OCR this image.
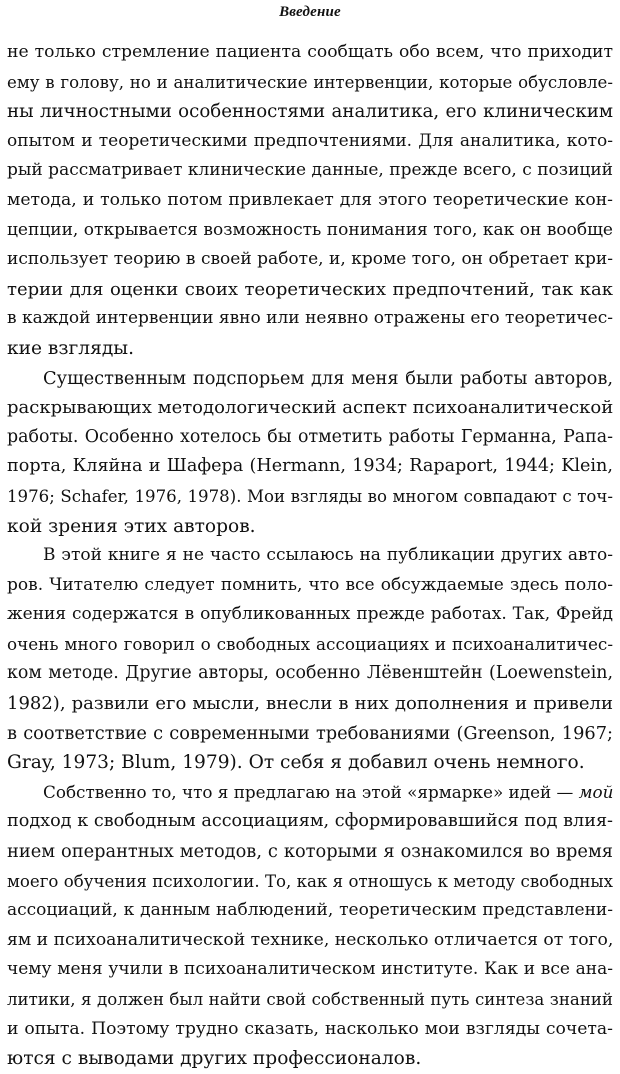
Введение
не только стремление пациента сообщать обо всем, что приходит
ему в голову, но и аналитические интервенции, которые обусловле-
ны личностными особенностями аналитика, его клиническим
опытом и теоретическими предпочтениями. Для аналитика, кото-
рый рассматривает клинические данные, прежде всего, с позиций
метода, и только потом привлекает для этого теоретические кон-
цепции, открывается возможность понимания того, как он вообще
использует теорию в своей работе, и, кроме того, он обретает кри-
терии для оценки своих теоретических предпочтений, так как
в каждой интервенции явно или неявно отражены его теоретичес-
кие взгляды.
Существенным подспорьем для меня были работы авторов,
раскрывающих методологический аспект психоаналитической
работы. Особенно хотелось бы отметить работы Германна, Рапа-
порта, Кляйна и Шафера (Hermann, 1934; Rapaport, 1944; Klein,
1976; Schafer, 1976, 1978). Мои взгляды во многом совпадают с точ-
кой зрения этих авторов.
В этой книге я не часто ссылаюсь на публикации других авто-
ров. Читателю следует помнить, что все обсуждаемые здесь поло-
жения содержатся в опубликованных прежде работах. Так, Фрейд
очень много говорил о свободных ассоциациях и психоаналитичес-
ком методе. Другие авторы, особенно Лёвенштейн (Loewenstein,
1982), развили его мысли, внесли в них дополнения и привели
в соответствие с современными требованиями (Greenson, 1967;
Gray, 1973; Blum, 1979). От себя я добавил очень немного.
Собственно то, что я предлагаю на этой «ярмарке» идей — мой
подход к свободным ассоциациям, сформировавшийся под влия-
нием оперантных методов, с которыми я ознакомился во время
моего обучения психологии. То, как я отношусь к методу свободных
ассоциаций, к данным наблюдений, теоретическим представлени-
ям и психоаналитической технике, несколько отличается от того,
чему меня учили в психоаналитическом институте. Как и все ана-
литики, я должен был найти свой собственный путь синтеза знаний
и опыта. Поэтому трудно сказать, насколько мои взгляды сочета-
ются с выводами других профессионалов.
